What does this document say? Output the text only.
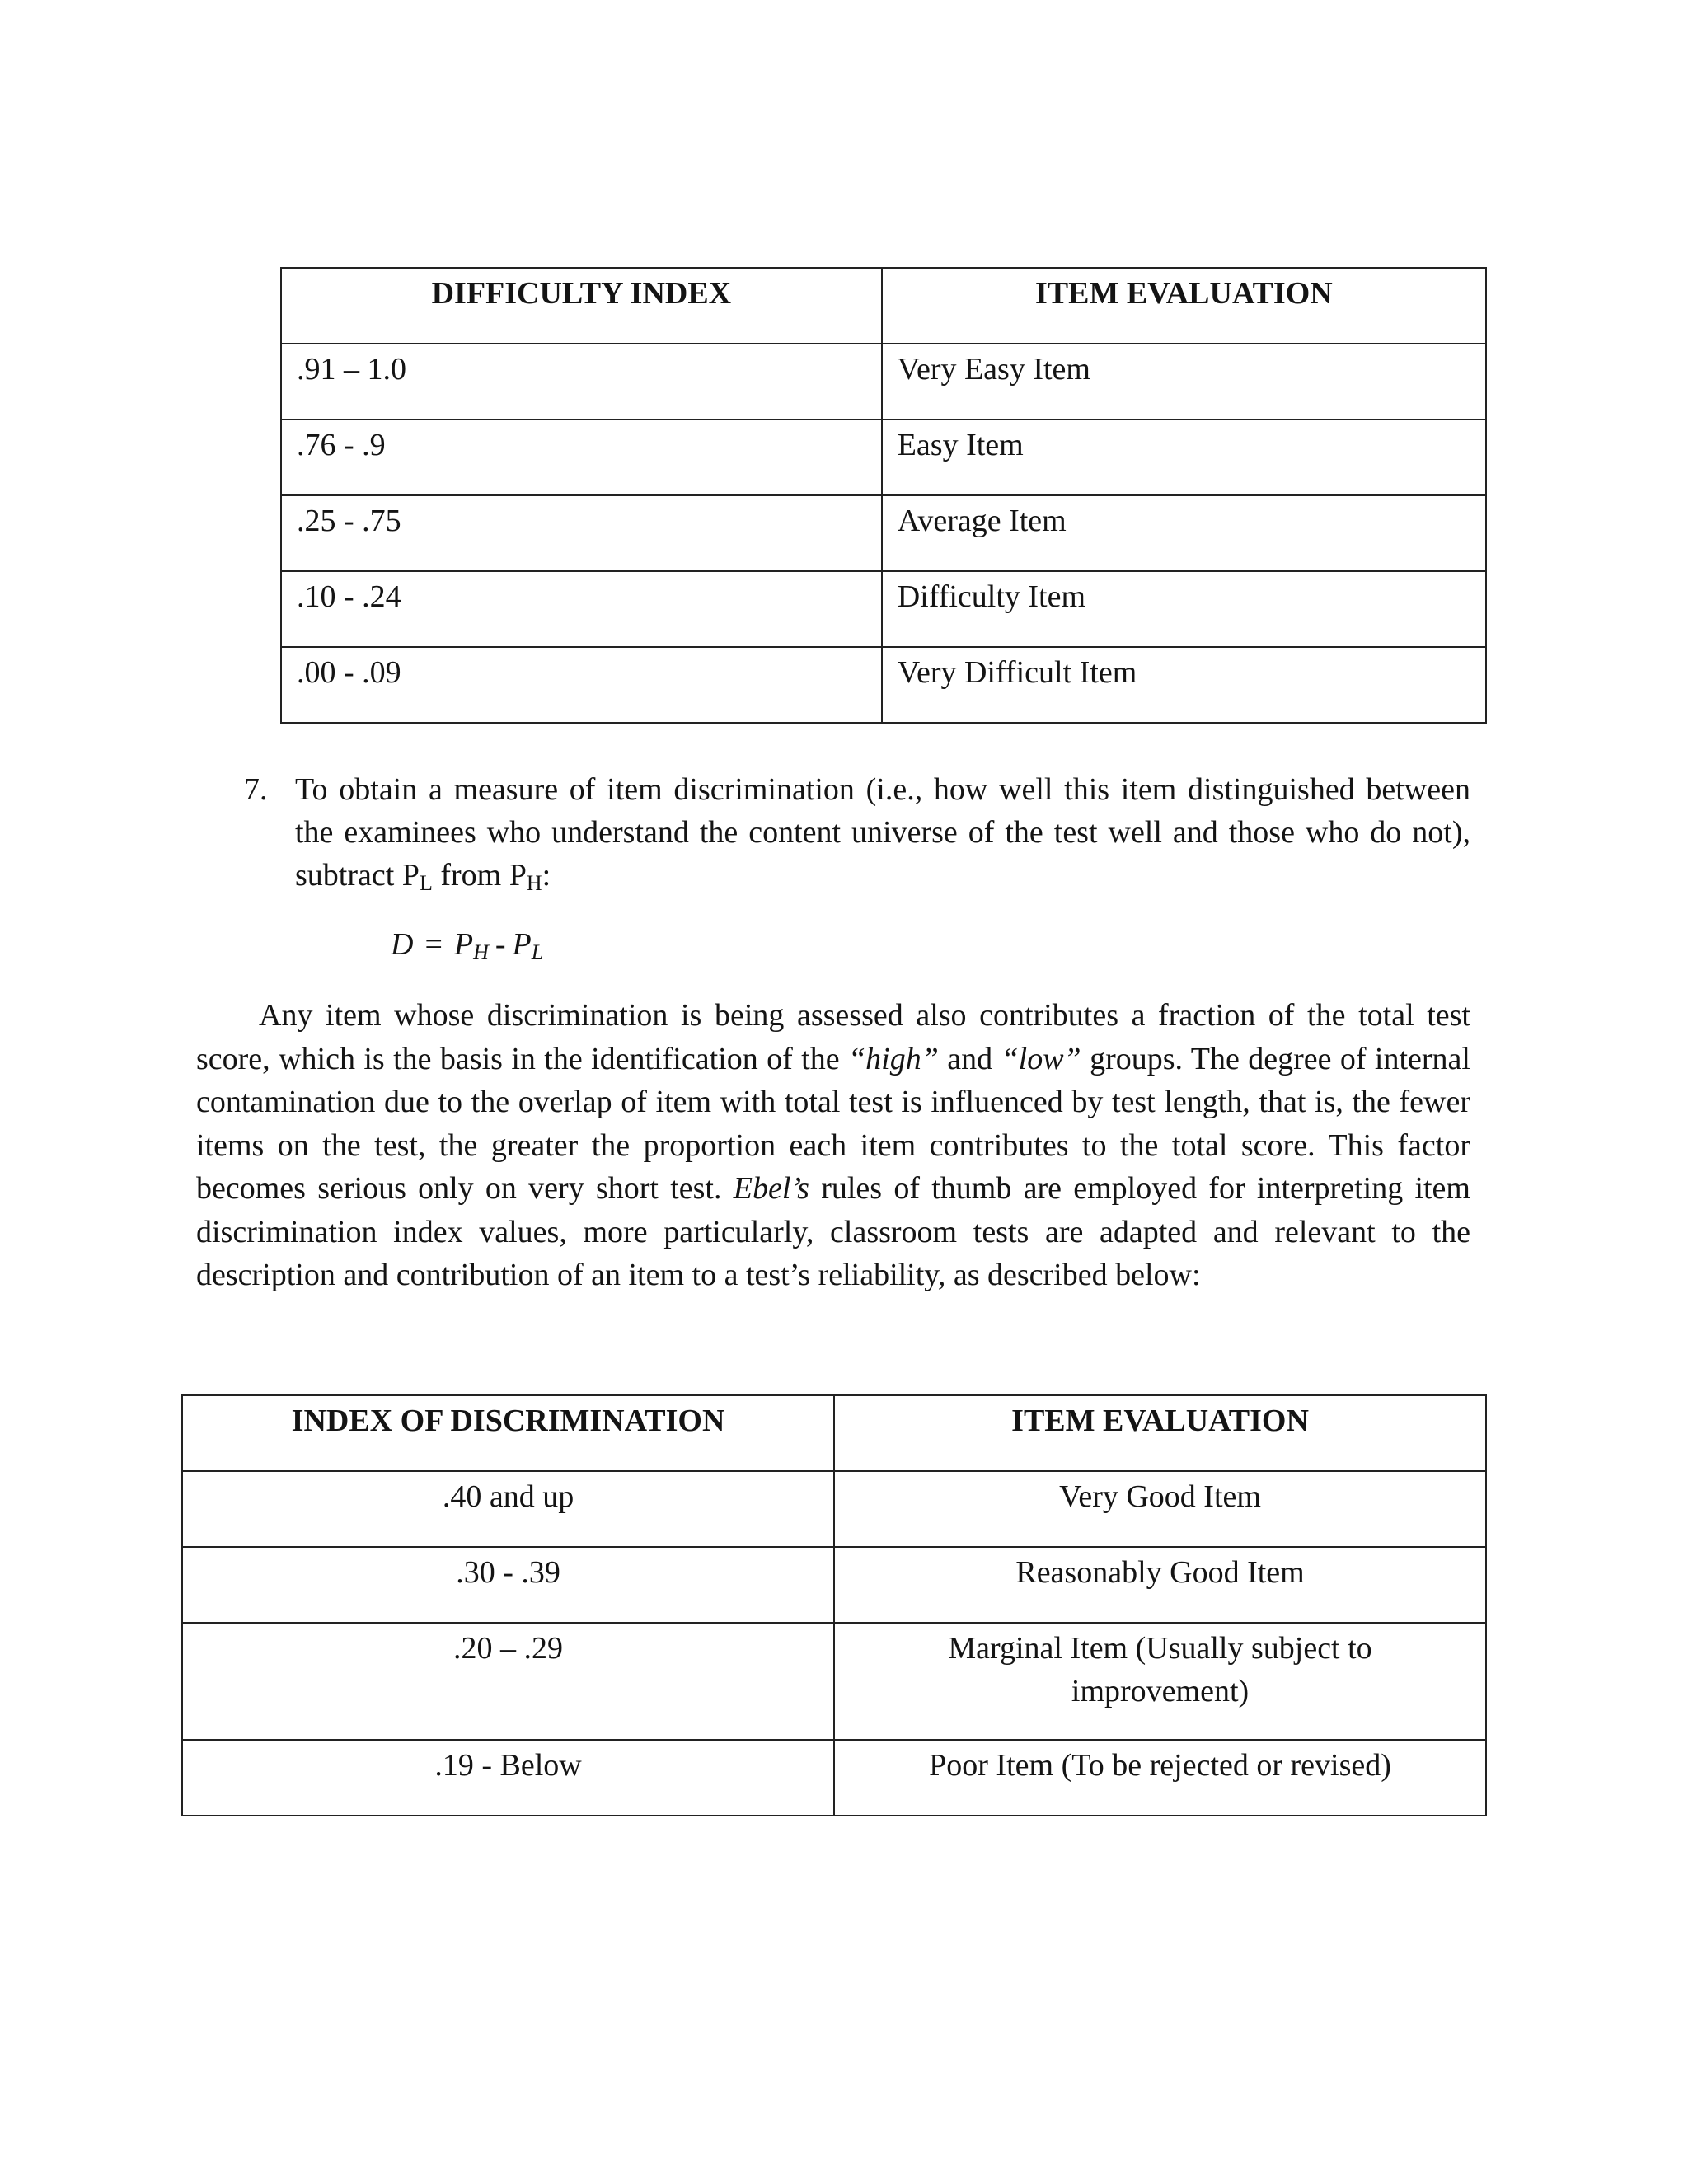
DIFFICULTY INDEX	ITEM EVALUATION
.91 – 1.0	Very Easy Item
.76 - .9	Easy Item
.25 - .75	Average Item
.10 - .24	Difficulty Item
.00 - .09	Very Difficult Item
7. To obtain a measure of item discrimination (i.e., how well this item distinguished between the examinees who understand the content universe of the test well and those who do not), subtract $P_L$ from $P_H$:
$D = P_H - P_L$

Any item whose discrimination is being assessed also contributes a fraction of the total test score, which is the basis in the identification of the “high” and “low” groups. The degree of internal contamination due to the overlap of item with total test is influenced by test length, that is, the fewer items on the test, the greater the proportion each item contributes to the total score. This factor becomes serious only on very short test. Ebel’s rules of thumb are employed for interpreting item discrimination index values, more particularly, classroom tests are adapted and relevant to the description and contribution of an item to a test’s reliability, as described below:

INDEX OF DISCRIMINATION	ITEM EVALUATION
.40 and up	Very Good Item
.30 - .39	Reasonably Good Item
.20 – .29	Marginal Item (Usually subject to improvement)
.19 - Below	Poor Item (To be rejected or revised)
